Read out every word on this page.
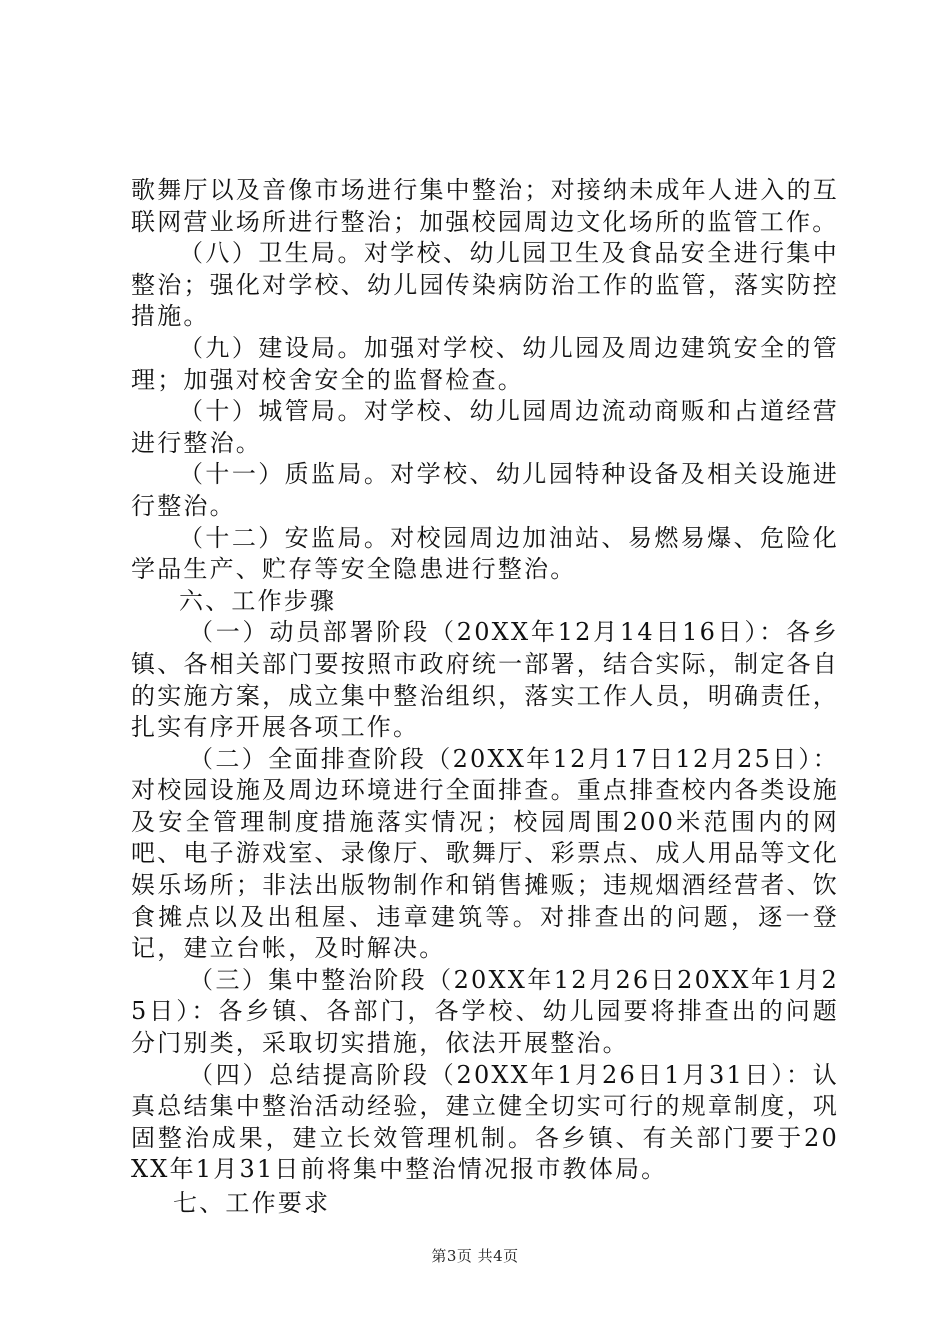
歌舞厅以及音像市场进行集中整治；对接纳未成年人进入的互联网营业场所进行整治；加强校园周边文化场所的监管工作。

（八）卫生局。对学校、幼儿园卫生及食品安全进行集中整治；强化对学校、幼儿园传染病防治工作的监管，落实防控措施。

（九）建设局。加强对学校、幼儿园及周边建筑安全的管理；加强对校舍安全的监督检查。

（十）城管局。对学校、幼儿园周边流动商贩和占道经营进行整治。

（十一）质监局。对学校、幼儿园特种设备及相关设施进行整治。

（十二）安监局。对校园周边加油站、易燃易爆、危险化学品生产、贮存等安全隐患进行整治。

六、工作步骤

（一）动员部署阶段（20XX年12月14日16日）：各乡镇、各相关部门要按照市政府统一部署，结合实际，制定各自的实施方案，成立集中整治组织，落实工作人员，明确责任，扎实有序开展各项工作。

（二）全面排查阶段（20XX年12月17日12月25日）：对校园设施及周边环境进行全面排查。重点排查校内各类设施及安全管理制度措施落实情况；校园周围200米范围内的网吧、电子游戏室、录像厅、歌舞厅、彩票点、成人用品等文化娱乐场所；非法出版物制作和销售摊贩；违规烟酒经营者、饮食摊点以及出租屋、违章建筑等。对排查出的问题，逐一登记，建立台帐，及时解决。

（三）集中整治阶段（20XX年12月26日20XX年1月25日）：各乡镇、各部门，各学校、幼儿园要将排查出的问题分门别类，采取切实措施，依法开展整治。

（四）总结提高阶段（20XX年1月26日1月31日）：认真总结集中整治活动经验，建立健全切实可行的规章制度，巩固整治成果，建立长效管理机制。各乡镇、有关部门要于20XX年1月31日前将集中整治情况报市教体局。

七、工作要求

第3页 共4页
